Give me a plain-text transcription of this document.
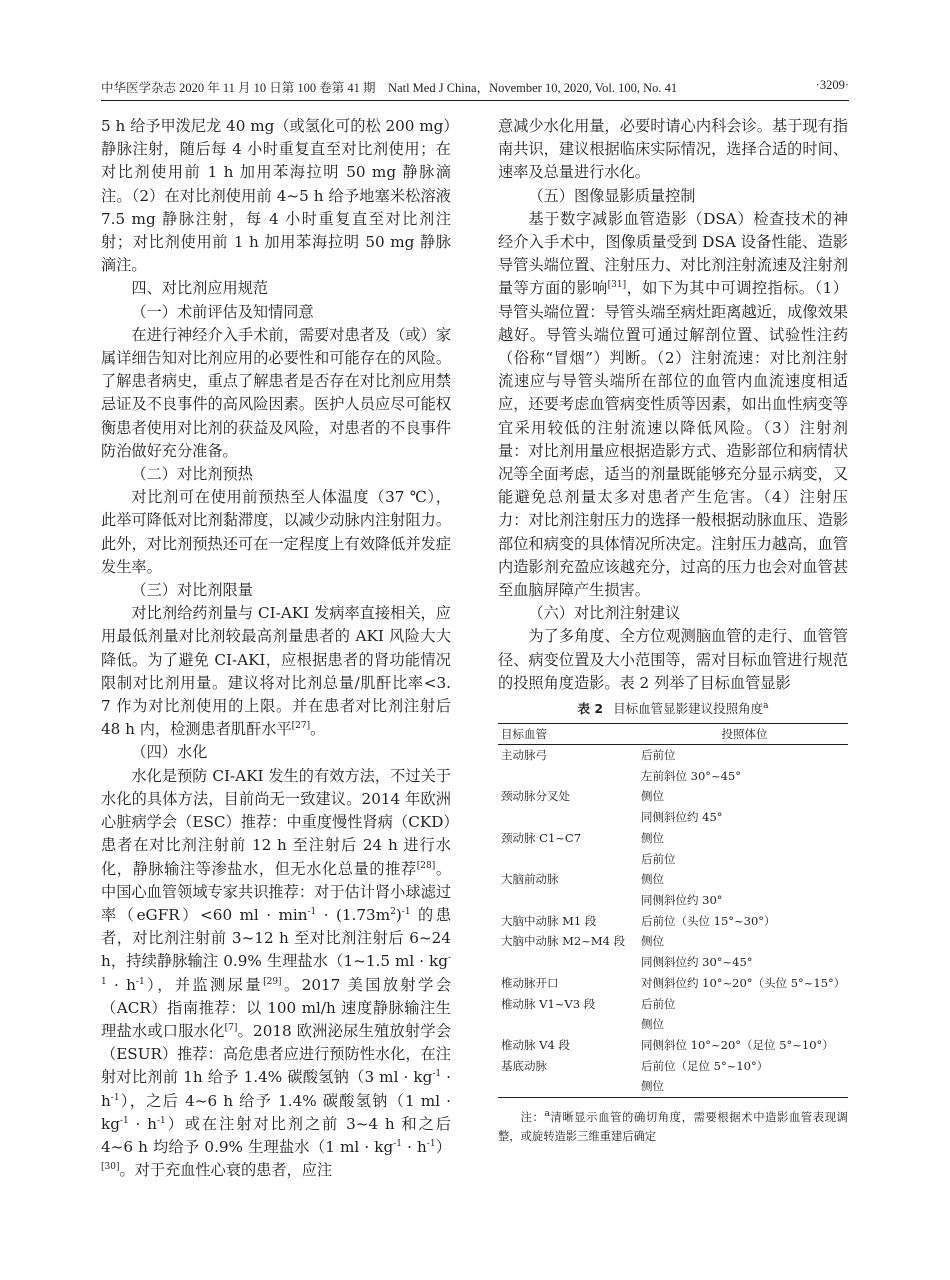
中华医学杂志 2020 年 11 月 10 日第 100 卷第 41 期　Natl Med J China，November 10, 2020, Vol. 100, No. 41	·3209·

5 h 给予甲泼尼龙 40 mg（或氢化可的松 200 mg）静脉注射，随后每 4 小时重复直至对比剂使用；在对比剂使用前 1 h 加用苯海拉明 50 mg 静脉滴注。（2）在对比剂使用前 4~5 h 给予地塞米松溶液 7.5 mg 静脉注射，每 4 小时重复直至对比剂注射；对比剂使用前 1 h 加用苯海拉明 50 mg 静脉滴注。

四、对比剂应用规范

（一）术前评估及知情同意

在进行神经介入手术前，需要对患者及（或）家属详细告知对比剂应用的必要性和可能存在的风险。了解患者病史，重点了解患者是否存在对比剂应用禁忌证及不良事件的高风险因素。医护人员应尽可能权衡患者使用对比剂的获益及风险，对患者的不良事件防治做好充分准备。

（二）对比剂预热

对比剂可在使用前预热至人体温度（37 ℃），此举可降低对比剂黏滞度，以减少动脉内注射阻力。此外，对比剂预热还可在一定程度上有效降低并发症发生率。

（三）对比剂限量

对比剂给药剂量与 CI-AKI 发病率直接相关，应用最低剂量对比剂较最高剂量患者的 AKI 风险大大降低。为了避免 CI-AKI，应根据患者的肾功能情况限制对比剂用量。建议将对比剂总量/肌酐比率<3. 7 作为对比剂使用的上限。并在患者对比剂注射后 48 h 内，检测患者肌酐水平[27]。

（四）水化

水化是预防 CI-AKI 发生的有效方法，不过关于水化的具体方法，目前尚无一致建议。2014 年欧洲心脏病学会（ESC）推荐：中重度慢性肾病（CKD）患者在对比剂注射前 12 h 至注射后 24 h 进行水化，静脉输注等渗盐水，但无水化总量的推荐[28]。中国心血管领域专家共识推荐：对于估计肾小球滤过率（eGFR）<60 ml · $\min^{-1} \cdot (1.73m^2)^{-1}$ 的患者，对比剂注射前 3~12 h 至对比剂注射后 6~24 h，持续静脉输注 0.9% 生理盐水（1~1.5 ml · $kg^{-1} \cdot h^{-1}$），并监测尿量[29]。2017 美国放射学会（ACR）指南推荐：以 100 ml/h 速度静脉输注生理盐水或口服水化[7]。2018 欧洲泌尿生殖放射学会（ESUR）推荐：高危患者应进行预防性水化，在注射对比剂前 1h 给予 1.4% 碳酸氢钠（3 ml · $kg^{-1} \cdot h^{-1}$），之后 4~6 h 给予 1.4% 碳酸氢钠（1 ml · $kg^{-1} \cdot h^{-1}$）或在注射对比剂之前 3~4 h 和之后 4~6 h 均给予 0.9% 生理盐水（1 ml · $kg^{-1} \cdot h^{-1})[30]$。对于充血性心衰的患者，应注

意减少水化用量，必要时请心内科会诊。基于现有指南共识，建议根据临床实际情况，选择合适的时间、速率及总量进行水化。

（五）图像显影质量控制

基于数字减影血管造影（DSA）检查技术的神经介入手术中，图像质量受到 DSA 设备性能、造影导管头端位置、注射压力、对比剂注射流速及注射剂量等方面的影响[31]，如下为其中可调控指标。（1）导管头端位置：导管头端至病灶距离越近，成像效果越好。导管头端位置可通过解剖位置、试验性注药（俗称“冒烟”）判断。（2）注射流速：对比剂注射流速应与导管头端所在部位的血管内血流速度相适应，还要考虑血管病变性质等因素，如出血性病变等宜采用较低的注射流速以降低风险。（3）注射剂量：对比剂用量应根据造影方式、造影部位和病情状况等全面考虑，适当的剂量既能够充分显示病变，又能避免总剂量太多对患者产生危害。（4）注射压力：对比剂注射压力的选择一般根据动脉血压、造影部位和病变的具体情况所决定。注射压力越高，血管内造影剂充盈应该越充分，过高的压力也会对血管甚至血脑屏障产生损害。

（六）对比剂注射建议

为了多角度、全方位观测脑血管的走行、血管管径、病变位置及大小范围等，需对目标血管进行规范的投照角度造影。表 2 列举了目标血管显影

表 2 目标血管显影建议投照角度$^a$
目标血管	投照体位
主动脉弓	后前位
	左前斜位 30°~45°
颈动脉分叉处	侧位
	同侧斜位约 45°
颈动脉 C1~C7	侧位
	后前位
大脑前动脉	侧位
	同侧斜位约 30°
大脑中动脉 M1 段	后前位（头位 15°~30°）
大脑中动脉 M2~M4 段	侧位
	同侧斜位约 30°~45°
椎动脉开口	对侧斜位约 10°~20°（头位 5°~15°）
椎动脉 V1~V3 段	后前位
	侧位
椎动脉 V4 段	同侧斜位 10°~20°（足位 5°~10°）
基底动脉	后前位（足位 5°~10°）
	侧位

注：$^a$清晰显示血管的确切角度，需要根据术中造影血管表现调整，或旋转造影三维重建后确定
